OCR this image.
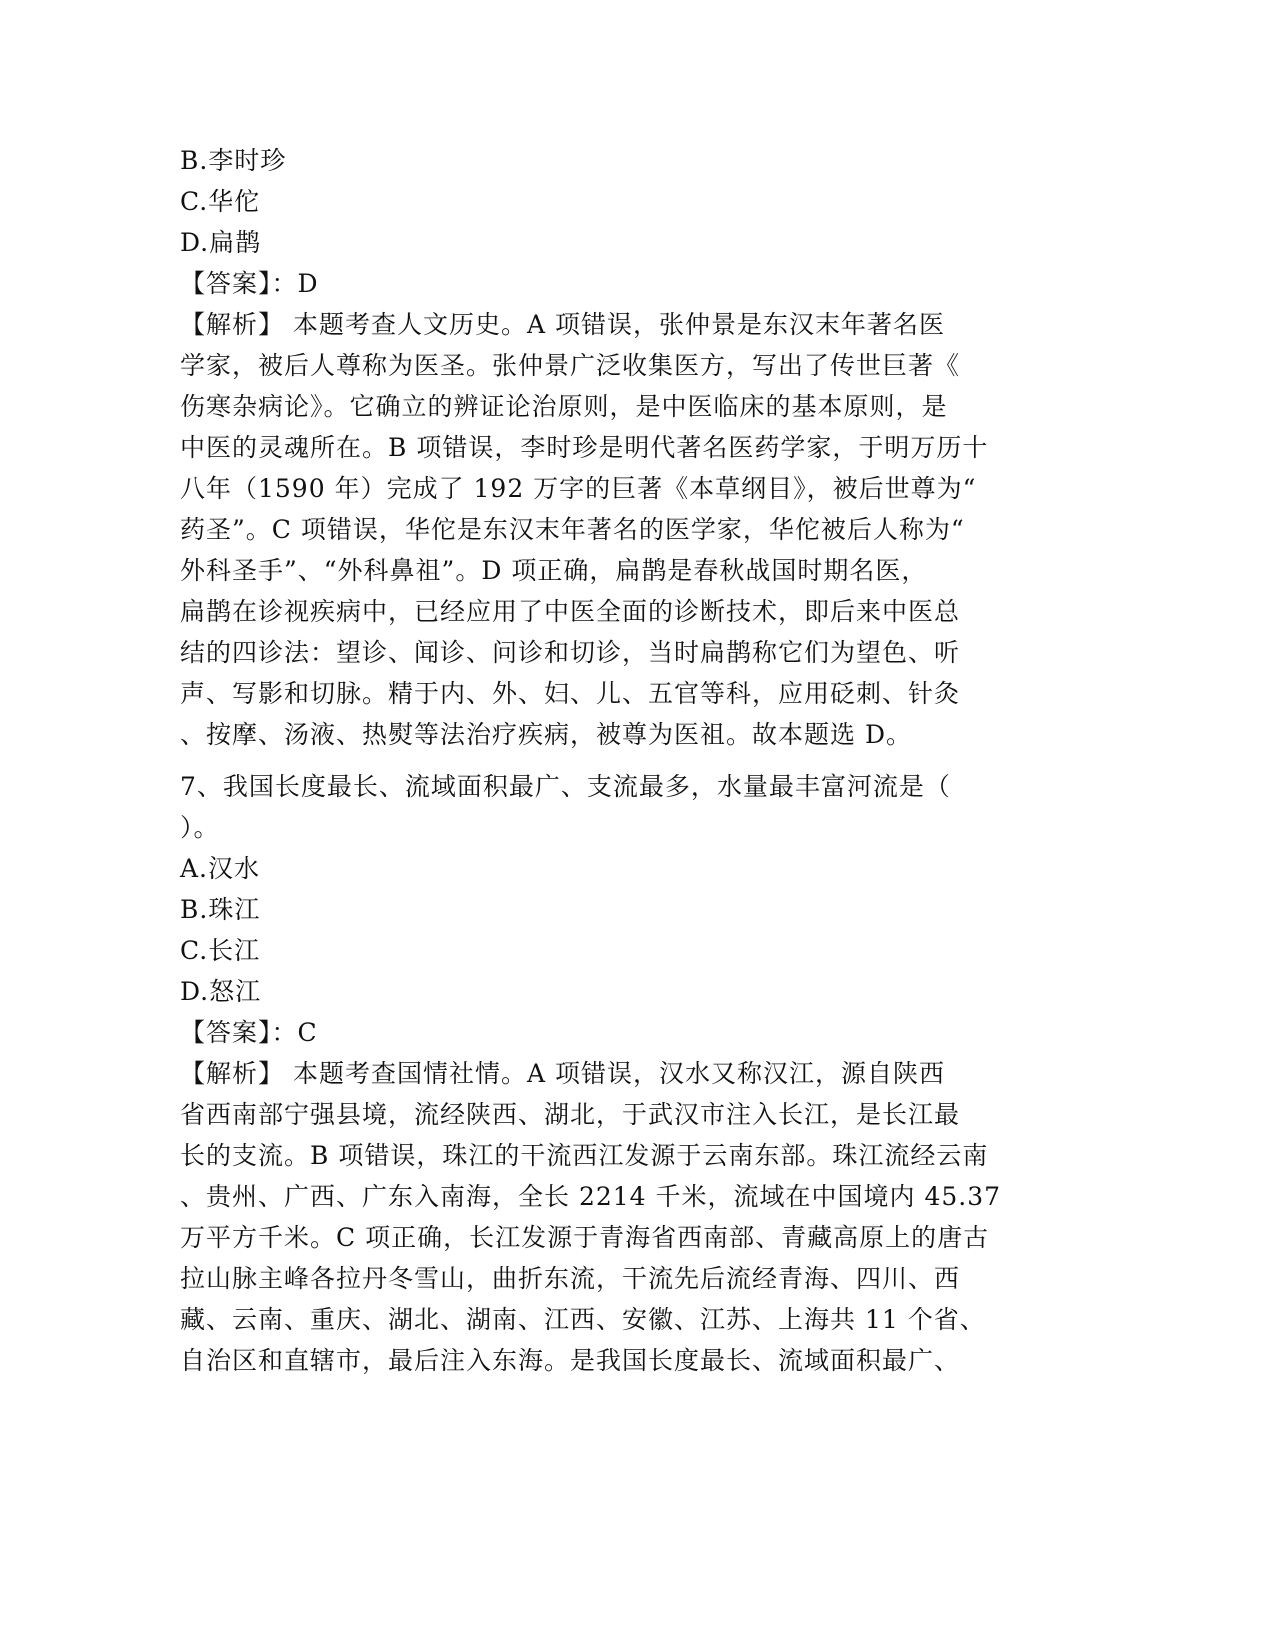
B.李时珍
C.华佗
D.扁鹊
【答案】：D
【解析】 本题考查人文历史。A 项错误，张仲景是东汉末年著名医
学家，被后人尊称为医圣。张仲景广泛收集医方，写出了传世巨著《
伤寒杂病论》。它确立的辨证论治原则，是中医临床的基本原则，是
中医的灵魂所在。B 项错误，李时珍是明代著名医药学家，于明万历十
八年（1590 年）完成了 192 万字的巨著《本草纲目》，被后世尊为“
药圣”。C 项错误，华佗是东汉末年著名的医学家，华佗被后人称为“
外科圣手”、“外科鼻祖”。D 项正确，扁鹊是春秋战国时期名医，
扁鹊在诊视疾病中，已经应用了中医全面的诊断技术，即后来中医总
结的四诊法：望诊、闻诊、问诊和切诊，当时扁鹊称它们为望色、听
声、写影和切脉。精于内、外、妇、儿、五官等科，应用砭刺、针灸
、按摩、汤液、热熨等法治疗疾病，被尊为医祖。故本题选 D。
7、我国长度最长、流域面积最广、支流最多，水量最丰富河流是（
）。
A.汉水
B.珠江
C.长江
D.怒江
【答案】：C
【解析】 本题考查国情社情。A 项错误，汉水又称汉江，源自陕西
省西南部宁强县境，流经陕西、湖北，于武汉市注入长江，是长江最
长的支流。B 项错误，珠江的干流西江发源于云南东部。珠江流经云南
、贵州、广西、广东入南海，全长 2214 千米，流域在中国境内 45.37
万平方千米。C 项正确，长江发源于青海省西南部、青藏高原上的唐古
拉山脉主峰各拉丹冬雪山，曲折东流，干流先后流经青海、四川、西
藏、云南、重庆、湖北、湖南、江西、安徽、江苏、上海共 11 个省、
自治区和直辖市，最后注入东海。是我国长度最长、流域面积最广、
